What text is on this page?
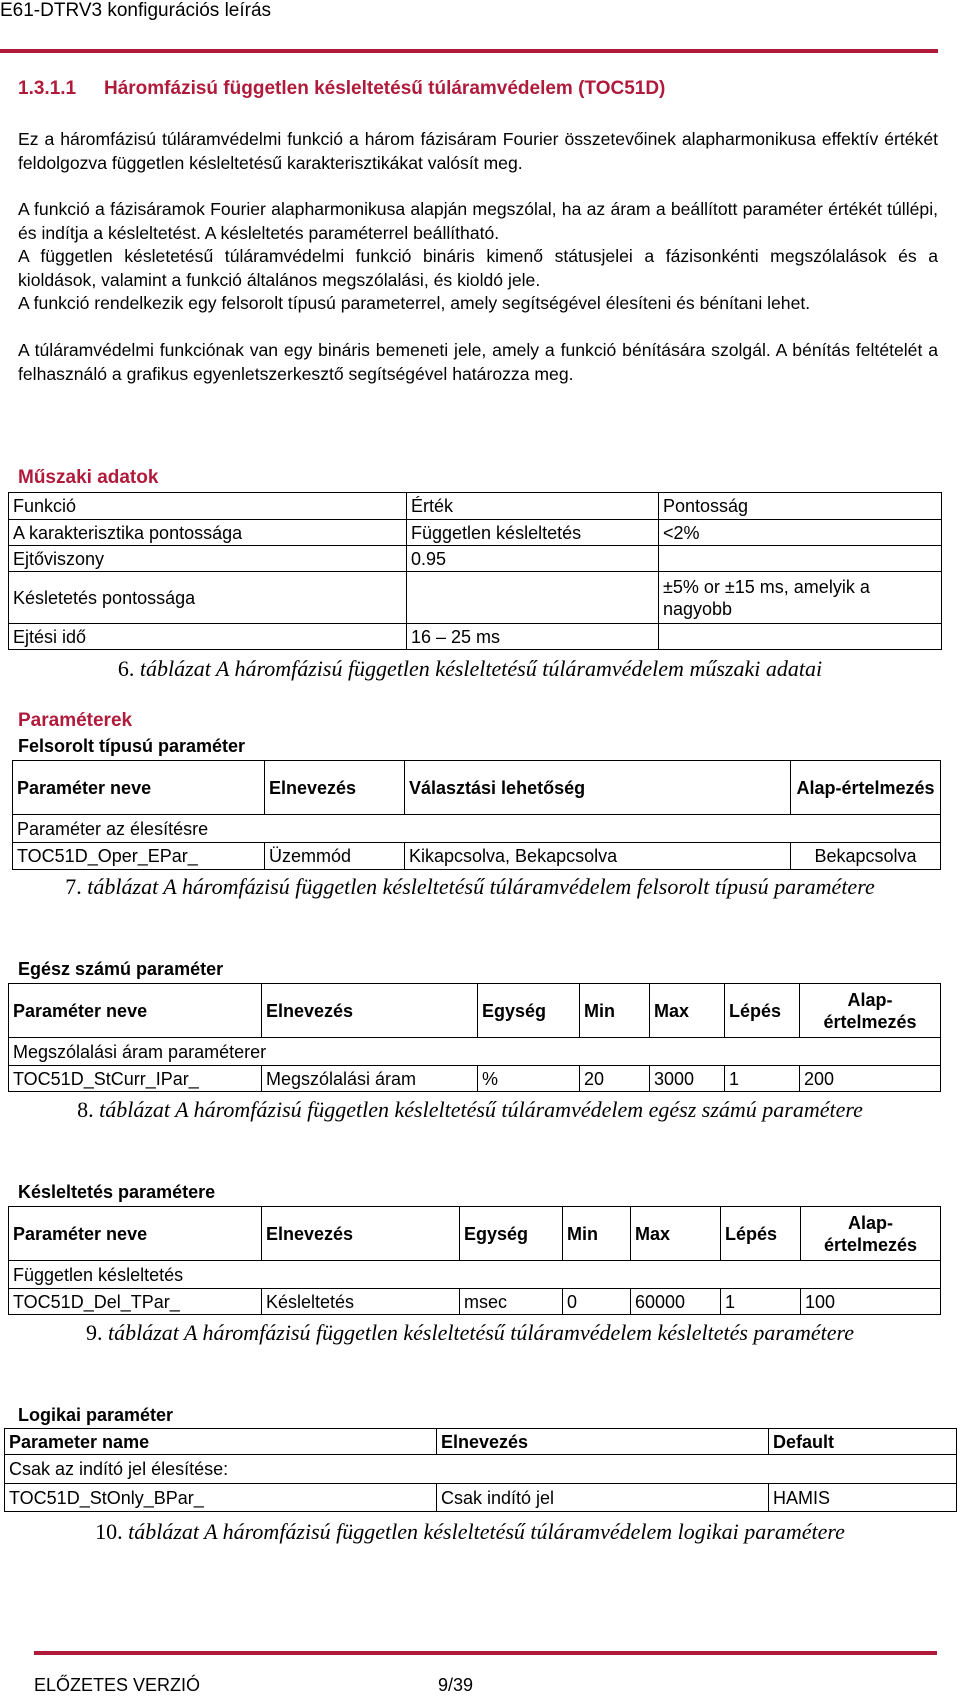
E61-DTRV3 konfigurációs leírás
1.3.1.1 Háromfázisú független késleltetésű túláramvédelem (TOC51D)
Ez a háromfázisú túláramvédelmi funkció a három fázisáram Fourier összetevőinek alapharmonikusa effektív értékét feldolgozva független késleltetésű karakterisztikákat valósít meg.
A funkció a fázisáramok Fourier alapharmonikusa alapján megszólal, ha az áram a beállított paraméter értékét túllépi, és indítja a késleltetést. A késleltetés paraméterrel beállítható.
A független késletetésű túláramvédelmi funkció bináris kimenő státusjelei a fázisonkénti megszólalások és a kioldások, valamint a funkció általános megszólalási, és kioldó jele.
A funkció rendelkezik egy felsorolt típusú parameterrel, amely segítségével élesíteni és bénítani lehet.
A túláramvédelmi funkciónak van egy bináris bemeneti jele, amely a funkció bénítására szolgál. A bénítás feltételét a felhasználó a grafikus egyenletszerkesztő segítségével határozza meg.
Műszaki adatok
Funkció	Érték	Pontosság
A karakterisztika pontossága	Független késleltetés	<2%
Ejtőviszony	0.95	
Késletetés pontossága		±5% or ±15 ms, amelyik a nagyobb
Ejtési idő	16 – 25 ms	
6. táblázat A háromfázisú független késleltetésű túláramvédelem műszaki adatai
Paraméterek
Felsorolt típusú paraméter
Paraméter neve	Elnevezés	Választási lehetőség	Alap-értelmezés
Paraméter az élesítésre			
TOC51D_Oper_EPar_	Üzemmód	Kikapcsolva, Bekapcsolva	Bekapcsolva
7. táblázat A háromfázisú független késleltetésű túláramvédelem felsorolt típusú paramétere
Egész számú paraméter
Paraméter neve	Elnevezés	Egység	Min	Max	Lépés	Alap-értelmezés
Megszólalási áram paraméterer						
TOC51D_StCurr_IPar_	Megszólalási áram	%	20	3000	1	200
8. táblázat A háromfázisú független késleltetésű túláramvédelem egész számú paramétere
Késleltetés paramétere
Paraméter neve	Elnevezés	Egység	Min	Max	Lépés	Alap-értelmezés
Független késleltetés						
TOC51D_Del_TPar_	Késleltetés	msec	0	60000	1	100
9. táblázat A háromfázisú független késleltetésű túláramvédelem késleltetés paramétere
Logikai paraméter
Parameter name	Elnevezés	Default
Csak az indító jel élesítése:		
TOC51D_StOnly_BPar_	Csak indító jel	HAMIS
10. táblázat A háromfázisú független késleltetésű túláramvédelem logikai paramétere
ELŐZETES VERZIÓ	9/39
